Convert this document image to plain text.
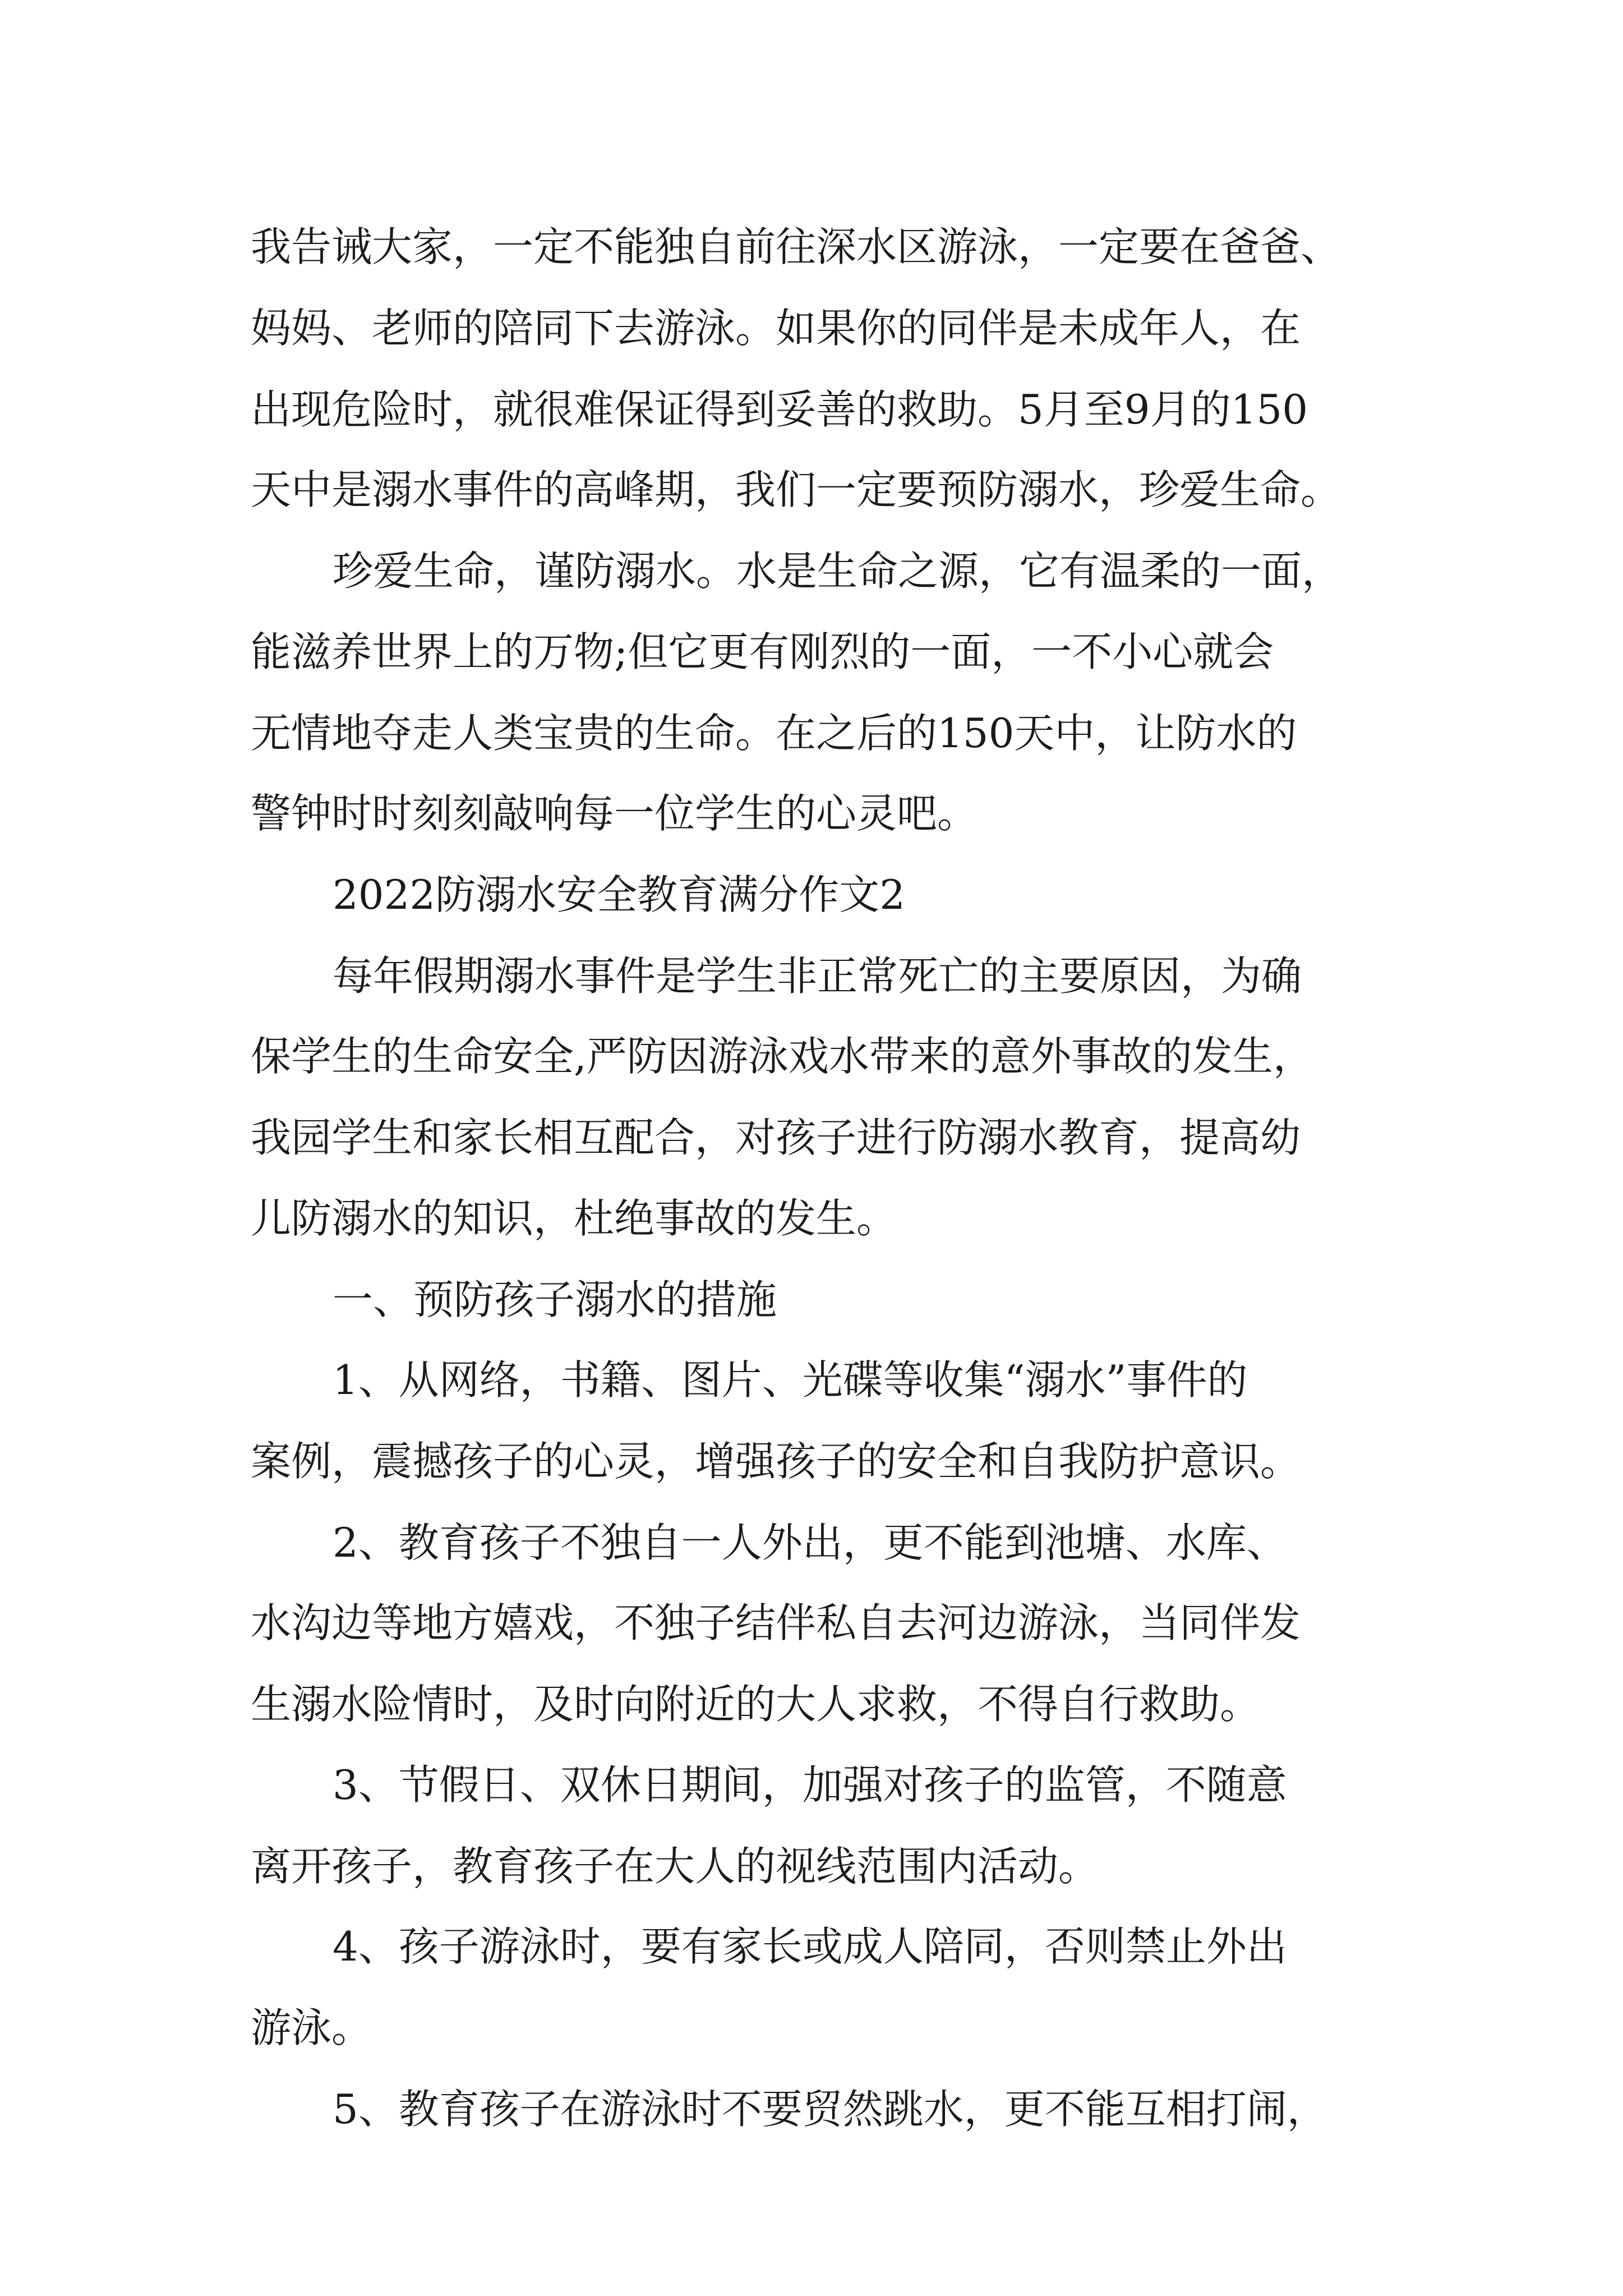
我告诫大家，一定不能独自前往深水区游泳，一定要在爸爸、
妈妈、老师的陪同下去游泳。如果你的同伴是未成年人，在
出现危险时，就很难保证得到妥善的救助。5月至9月的150
天中是溺水事件的高峰期，我们一定要预防溺水，珍爱生命。
珍爱生命，谨防溺水。水是生命之源，它有温柔的一面，
能滋养世界上的万物;但它更有刚烈的一面，一不小心就会
无情地夺走人类宝贵的生命。在之后的150天中，让防水的
警钟时时刻刻敲响每一位学生的心灵吧。
2022防溺水安全教育满分作文2
每年假期溺水事件是学生非正常死亡的主要原因，为确
保学生的生命安全,严防因游泳戏水带来的意外事故的发生，
我园学生和家长相互配合，对孩子进行防溺水教育，提高幼
儿防溺水的知识，杜绝事故的发生。
一、预防孩子溺水的措施
1、从网络，书籍、图片、光碟等收集“溺水”事件的
案例，震撼孩子的心灵，增强孩子的安全和自我防护意识。
2、教育孩子不独自一人外出，更不能到池塘、水库、
水沟边等地方嬉戏，不独子结伴私自去河边游泳，当同伴发
生溺水险情时，及时向附近的大人求救，不得自行救助。
3、节假日、双休日期间，加强对孩子的监管，不随意
离开孩子，教育孩子在大人的视线范围内活动。
4、孩子游泳时，要有家长或成人陪同，否则禁止外出
游泳。
5、教育孩子在游泳时不要贸然跳水，更不能互相打闹，
